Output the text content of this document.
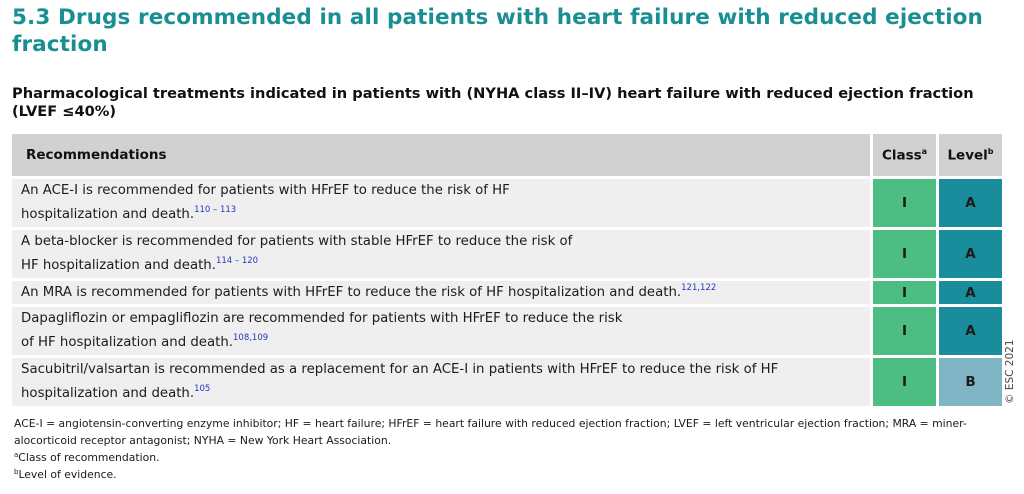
5.3 Drugs recommended in all patients with heart failure with reduced ejection fraction
Pharmacological treatments indicated in patients with (NYHA class II–IV) heart failure with reduced ejection fraction (LVEF ≤40%)
Recommendations	Class$^a$	Level$^b$
An ACE-I is recommended for patients with HFrEF to reduce the risk of HF
hospitalization and death.$^{110 - 113}$	I	A
A beta-blocker is recommended for patients with stable HFrEF to reduce the risk of
HF hospitalization and death.$^{114 - 120}$	I	A
An MRA is recommended for patients with HFrEF to reduce the risk of HF hospitalization and death.$^{121,122}$	I	A
Dapagliflozin or empagliflozin are recommended for patients with HFrEF to reduce the risk
of HF hospitalization and death.$^{108,109}$	I	A
Sacubitril/valsartan is recommended as a replacement for an ACE-I in patients with HFrEF to reduce the risk of HF
hospitalization and death.$^{105}$	I	B

ACE-I = angiotensin-converting enzyme inhibitor; HF = heart failure; HFrEF = heart failure with reduced ejection fraction; LVEF = left ventricular ejection fraction; MRA = miner-alocorticoid receptor antagonist; NYHA = New York Heart Association.

$^a$Class of recommendation.

$^b$Level of evidence.

© ESC 2021
